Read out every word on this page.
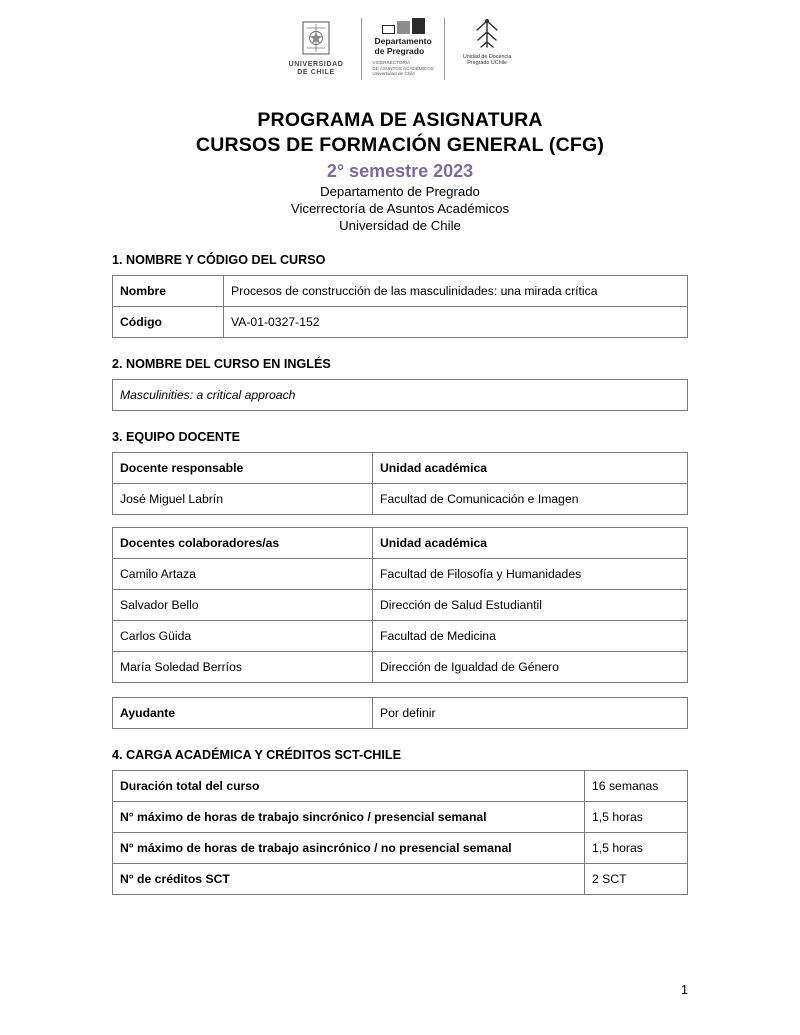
UNIVERSIDAD
DE CHILE
Departamento
de Pregrado
VICERRECTORÍA
DE ASUNTOS ACADÉMICOS
Universidad de Chile
Unidad de Docencia
Pregrado UChile
PROGRAMA DE ASIGNATURA
CURSOS DE FORMACIÓN GENERAL (CFG)
2° semestre 2023
Departamento de Pregrado
Vicerrectoría de Asuntos Académicos
Universidad de Chile
1. NOMBRE Y CÓDIGO DEL CURSO
Nombre	Procesos de construcción de las masculinidades: una mirada crítica
Código	VA-01-0327-152
2. NOMBRE DEL CURSO EN INGLÉS
Masculinities: a critical approach
3. EQUIPO DOCENTE
Docente responsable	Unidad académica
José Miguel Labrín	Facultad de Comunicación e Imagen
Docentes colaboradores/as	Unidad académica
Camilo Artaza	Facultad de Filosofía y Humanidades
Salvador Bello	Dirección de Salud Estudiantil
Carlos Güida	Facultad de Medicina
María Soledad Berríos	Dirección de Igualdad de Género
Ayudante	Por definir
4. CARGA ACADÉMICA Y CRÉDITOS SCT-CHILE
Duración total del curso	16 semanas
N° máximo de horas de trabajo sincrónico / presencial semanal	1,5 horas
N° máximo de horas de trabajo asincrónico / no presencial semanal	1,5 horas
N° de créditos SCT	2 SCT
1
